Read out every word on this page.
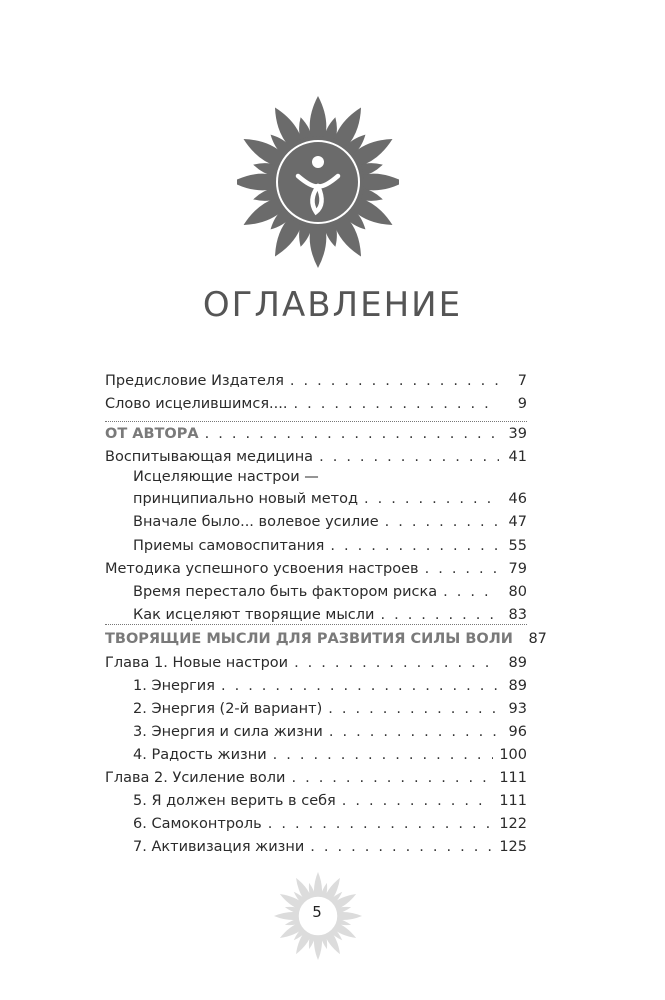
ОГЛАВЛЕНИЕ
Предисловие Издателя . . .	7
Слово исцелившимся.... . . .	9
ОТ АВТОРА . . .	39
Воспитывающая медицина . . .	41
Исцеляющие настрои —
принципиально новый метод . . .	46
Вначале было... волевое усилие . . .	47
Приемы самовоспитания . . .	55
Методика успешного усвоения настроев . . .	79
Время перестало быть фактором риска . . .	80
Как исцеляют творящие мысли . . .	83
ТВОРЯЩИЕ МЫСЛИ ДЛЯ РАЗВИТИЯ СИЛЫ ВОЛИ 87
Глава 1. Новые настрои . . .	89
1. Энергия . . .	89
2. Энергия (2-й вариант) . . .	93
3. Энергия и сила жизни . . .	96
4. Радость жизни . . .	100
Глава 2. Усиление воли . . .	111
5. Я должен верить в себя . . .	111
6. Самоконтроль . . .	122
7. Активизация жизни . . .	125
5
